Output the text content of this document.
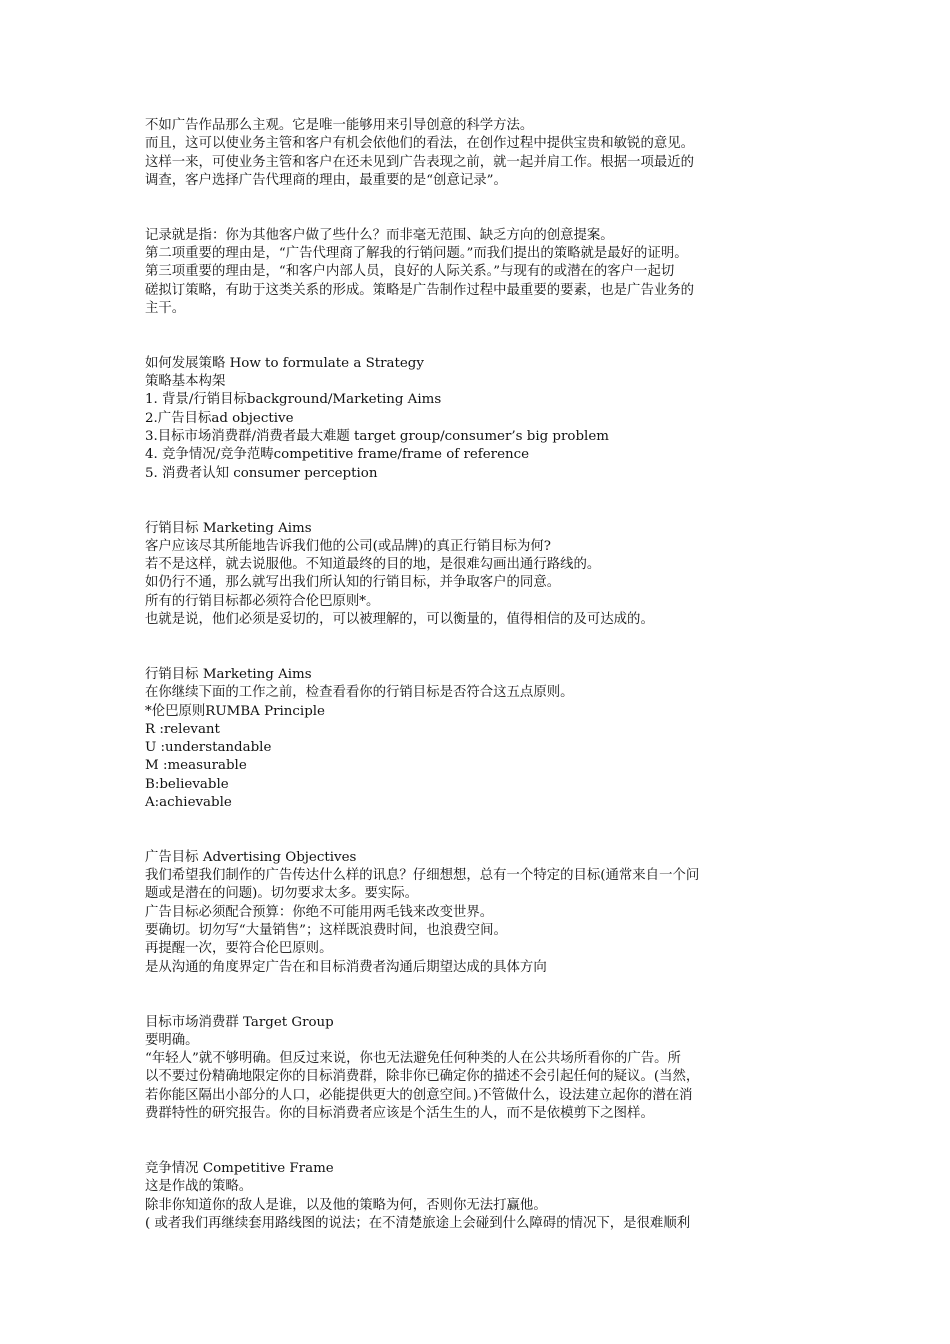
不如广告作品那么主观。它是唯一能够用来引导创意的科学方法。
而且，这可以使业务主管和客户有机会依他们的看法，在创作过程中提供宝贵和敏锐的意见。
这样一来，可使业务主管和客户在还未见到广告表现之前，就一起并肩工作。根据一项最近的
调查，客户选择广告代理商的理由，最重要的是“创意记录”。
记录就是指：你为其他客户做了些什么？而非毫无范围、缺乏方向的创意提案。
第二项重要的理由是，“广告代理商了解我的行销问题。”而我们提出的策略就是最好的证明。
第三项重要的理由是，“和客户内部人员，良好的人际关系。”与现有的或潜在的客户一起切
磋拟订策略，有助于这类关系的形成。策略是广告制作过程中最重要的要素，也是广告业务的
主干。
如何发展策略 How to formulate a Strategy
策略基本构架
1. 背景/行销目标background/Marketing Aims
2.广告目标ad objective
3.目标市场消费群/消费者最大难题 target group/consumer’s big problem
4. 竞争情况/竞争范畴competitive frame/frame of reference
5. 消费者认知 consumer perception
行销目标 Marketing Aims
客户应该尽其所能地告诉我们他的公司(或品牌)的真正行销目标为何?
若不是这样，就去说服他。不知道最终的目的地，是很难勾画出通行路线的。
如仍行不通，那么就写出我们所认知的行销目标，并争取客户的同意。
所有的行销目标都必须符合伦巴原则*。
也就是说，他们必须是妥切的，可以被理解的，可以衡量的，值得相信的及可达成的。
行销目标 Marketing Aims
在你继续下面的工作之前，检查看看你的行销目标是否符合这五点原则。
*伦巴原则RUMBA Principle
R :relevant
U :understandable
M :measurable
B:believable
A:achievable
广告目标 Advertising Objectives
我们希望我们制作的广告传达什么样的讯息？仔细想想，总有一个特定的目标(通常来自一个问
题或是潜在的问题)。切勿要求太多。要实际。
广告目标必须配合预算：你绝不可能用两毛钱来改变世界。
要确切。切勿写“大量销售”；这样既浪费时间，也浪费空间。
再提醒一次，要符合伦巴原则。
是从沟通的角度界定广告在和目标消费者沟通后期望达成的具体方向
目标市场消费群 Target Group
要明确。
“年轻人”就不够明确。但反过来说，你也无法避免任何种类的人在公共场所看你的广告。所
以不要过份精确地限定你的目标消费群，除非你已确定你的描述不会引起任何的疑议。(当然，
若你能区隔出小部分的人口，必能提供更大的创意空间。)不管做什么，设法建立起你的潜在消
费群特性的研究报告。你的目标消费者应该是个活生生的人，而不是依模剪下之图样。
竞争情况 Competitive Frame
这是作战的策略。
除非你知道你的敌人是谁，以及他的策略为何，否则你无法打赢他。
( 或者我们再继续套用路线图的说法；在不清楚旅途上会碰到什么障碍的情况下，是很难顺利
